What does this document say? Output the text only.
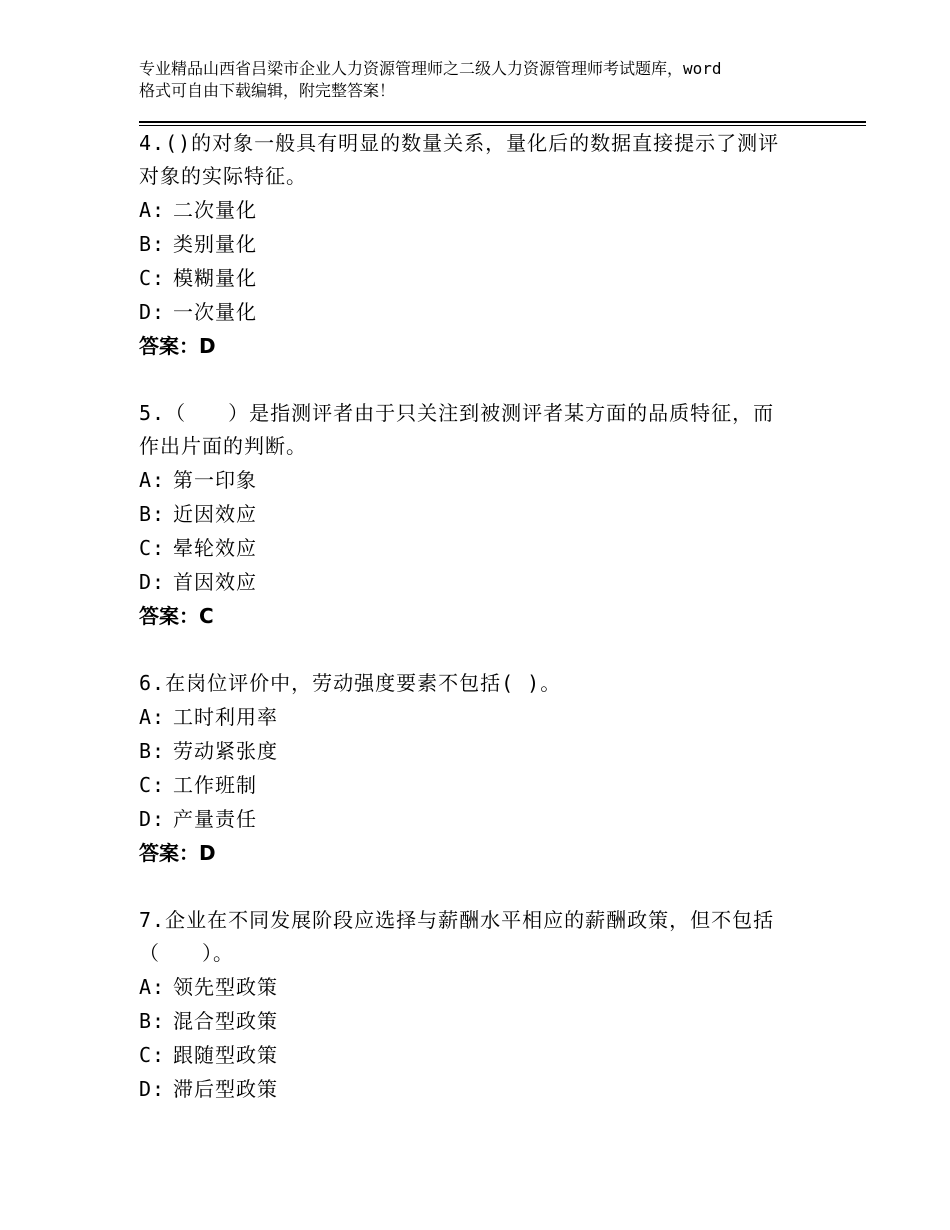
专业精品山西省吕梁市企业人力资源管理师之二级人力资源管理师考试题库，word
格式可自由下载编辑，附完整答案！

4.()的对象一般具有明显的数量关系，量化后的数据直接提示了测评
对象的实际特征。

A: 二次量化
B: 类别量化
C: 模糊量化
D: 一次量化
答案：D

5.（　　）是指测评者由于只关注到被测评者某方面的品质特征，而
作出片面的判断。

A: 第一印象
B: 近因效应
C: 晕轮效应
D: 首因效应
答案：C

6.在岗位评价中，劳动强度要素不包括( )。

A: 工时利用率
B: 劳动紧张度
C: 工作班制
D: 产量责任
答案：D

7.企业在不同发展阶段应选择与薪酬水平相应的薪酬政策，但不包括
（　　）。

A: 领先型政策
B: 混合型政策
C: 跟随型政策
D: 滞后型政策
